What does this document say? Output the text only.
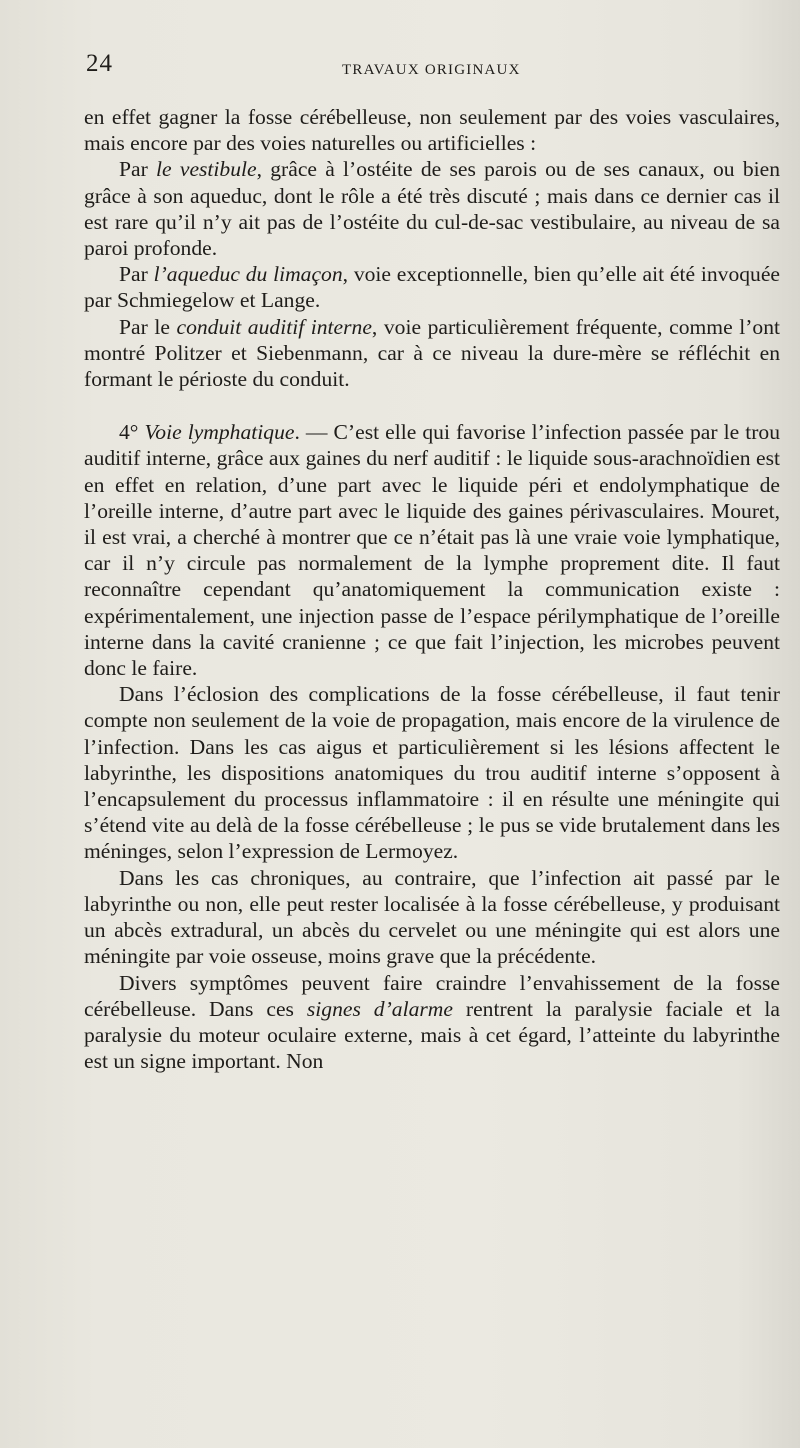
24	TRAVAUX ORIGINAUX

en effet gagner la fosse cérébelleuse, non seulement par des voies vasculaires, mais encore par des voies naturelles ou artificielles :

Par le vestibule, grâce à l’ostéite de ses parois ou de ses canaux, ou bien grâce à son aqueduc, dont le rôle a été très discuté ; mais dans ce dernier cas il est rare qu’il n’y ait pas de l’ostéite du cul-de-sac vestibulaire, au niveau de sa paroi profonde.

Par l’aqueduc du limaçon, voie exceptionnelle, bien qu’elle ait été invoquée par Schmiegelow et Lange.

Par le conduit auditif interne, voie particulièrement fréquente, comme l’ont montré Politzer et Siebenmann, car à ce niveau la dure-mère se réfléchit en formant le périoste du conduit.

4° Voie lymphatique. — C’est elle qui favorise l’infection passée par le trou auditif interne, grâce aux gaines du nerf auditif : le liquide sous-arachnoïdien est en effet en relation, d’une part avec le liquide péri et endolymphatique de l’oreille interne, d’autre part avec le liquide des gaines périvasculaires. Mouret, il est vrai, a cherché à montrer que ce n’était pas là une vraie voie lymphatique, car il n’y circule pas normalement de la lymphe proprement dite. Il faut reconnaître cependant qu’anatomiquement la communication existe : expérimentalement, une injection passe de l’espace périlymphatique de l’oreille interne dans la cavité cranienne ; ce que fait l’injection, les microbes peuvent donc le faire.

Dans l’éclosion des complications de la fosse cérébelleuse, il faut tenir compte non seulement de la voie de propagation, mais encore de la virulence de l’infection. Dans les cas aigus et particulièrement si les lésions affectent le labyrinthe, les dispositions anatomiques du trou auditif interne s’opposent à l’encapsulement du processus inflammatoire : il en résulte une méningite qui s’étend vite au delà de la fosse cérébelleuse ; le pus se vide brutalement dans les méninges, selon l’expression de Lermoyez.

Dans les cas chroniques, au contraire, que l’infection ait passé par le labyrinthe ou non, elle peut rester localisée à la fosse cérébelleuse, y produisant un abcès extradural, un abcès du cervelet ou une méningite qui est alors une méningite par voie osseuse, moins grave que la précédente.

Divers symptômes peuvent faire craindre l’envahissement de la fosse cérébelleuse. Dans ces signes d’alarme rentrent la paralysie faciale et la paralysie du moteur oculaire externe, mais à cet égard, l’atteinte du labyrinthe est un signe important. Non
